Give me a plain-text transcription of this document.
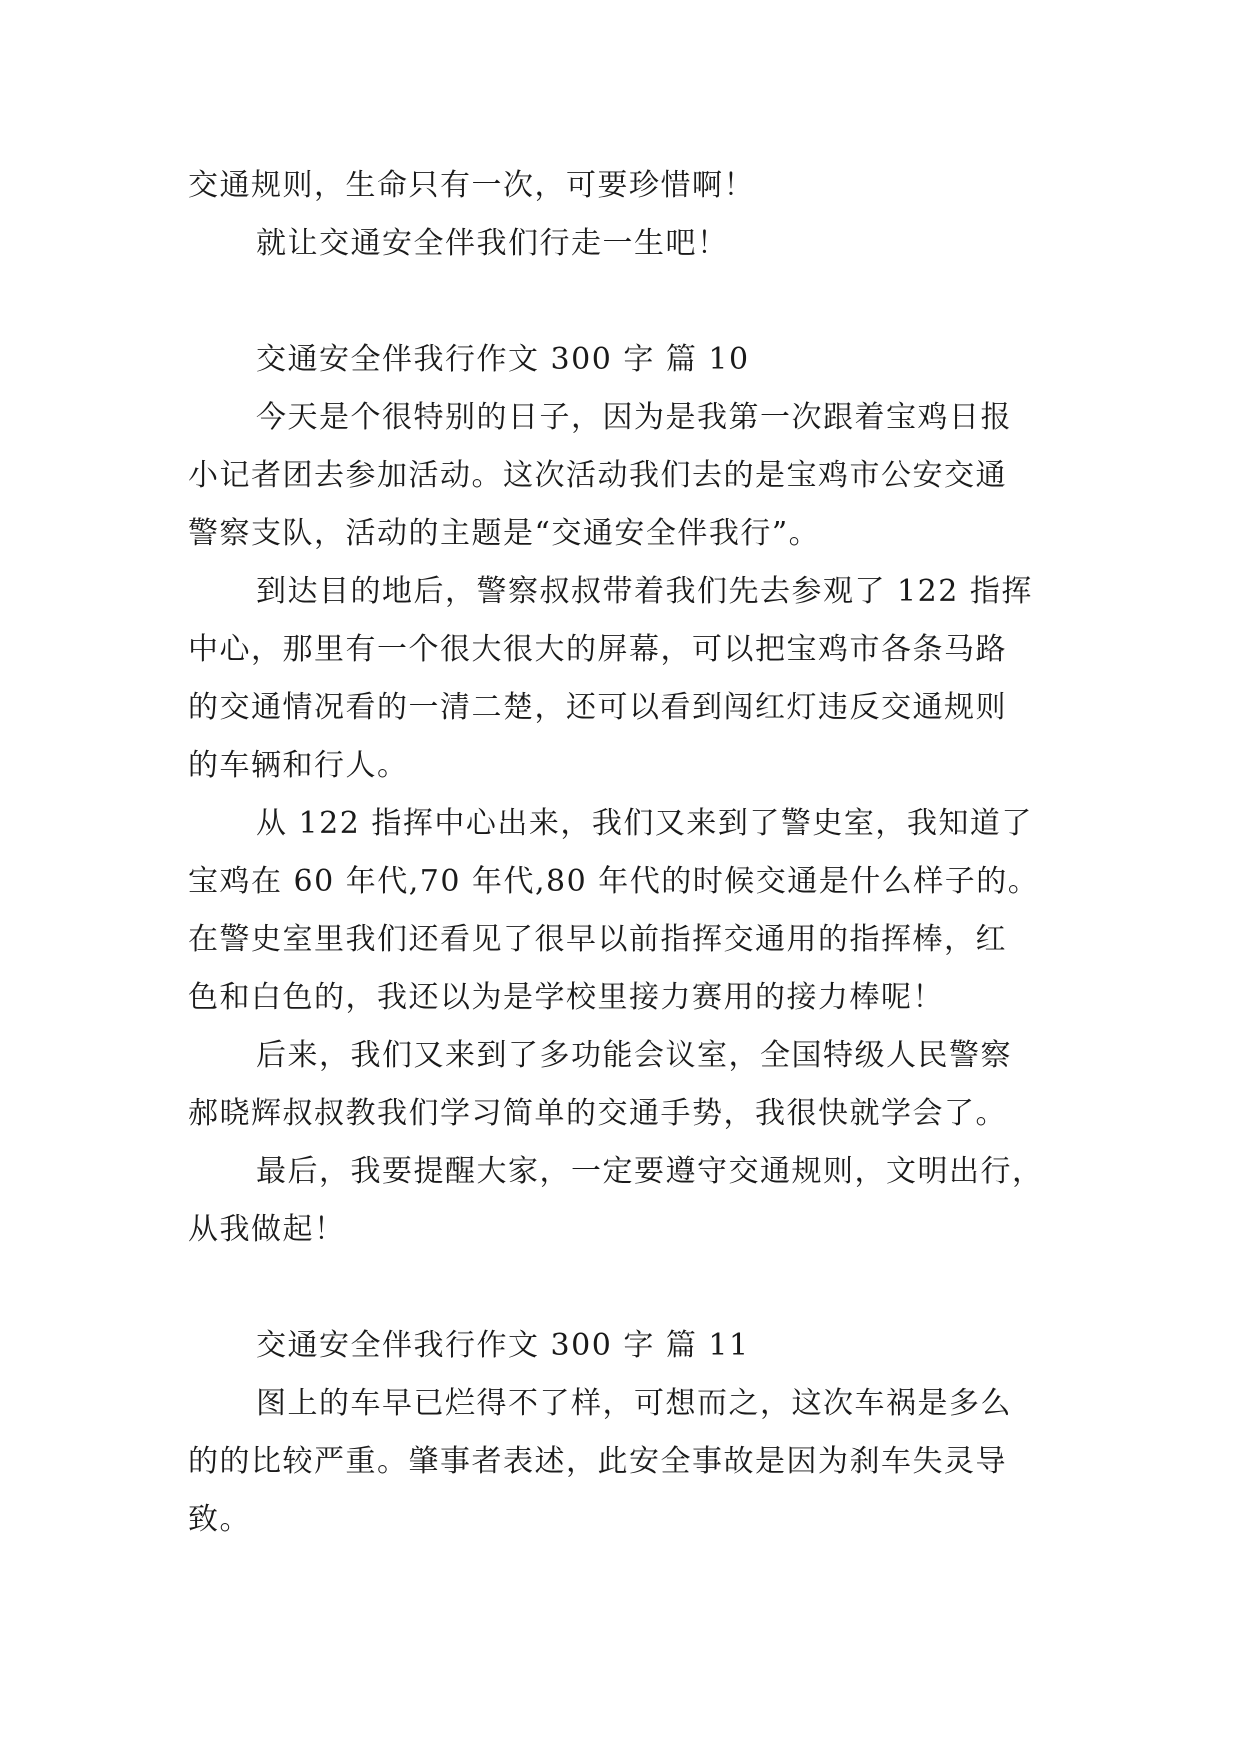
交通规则，生命只有一次，可要珍惜啊！
就让交通安全伴我们行走一生吧！
交通安全伴我行作文 300 字 篇 10
今天是个很特别的日子，因为是我第一次跟着宝鸡日报
小记者团去参加活动。这次活动我们去的是宝鸡市公安交通
警察支队，活动的主题是“交通安全伴我行”。
到达目的地后，警察叔叔带着我们先去参观了 122 指挥
中心，那里有一个很大很大的屏幕，可以把宝鸡市各条马路
的交通情况看的一清二楚，还可以看到闯红灯违反交通规则
的车辆和行人。
从 122 指挥中心出来，我们又来到了警史室，我知道了
宝鸡在 60 年代,70 年代,80 年代的时候交通是什么样子的。
在警史室里我们还看见了很早以前指挥交通用的指挥棒，红
色和白色的，我还以为是学校里接力赛用的接力棒呢！
后来，我们又来到了多功能会议室，全国特级人民警察
郝晓辉叔叔教我们学习简单的交通手势，我很快就学会了。
最后，我要提醒大家，一定要遵守交通规则，文明出行，
从我做起！
交通安全伴我行作文 300 字 篇 11
图上的车早已烂得不了样，可想而之，这次车祸是多么
的的比较严重。肇事者表述，此安全事故是因为刹车失灵导
致。
